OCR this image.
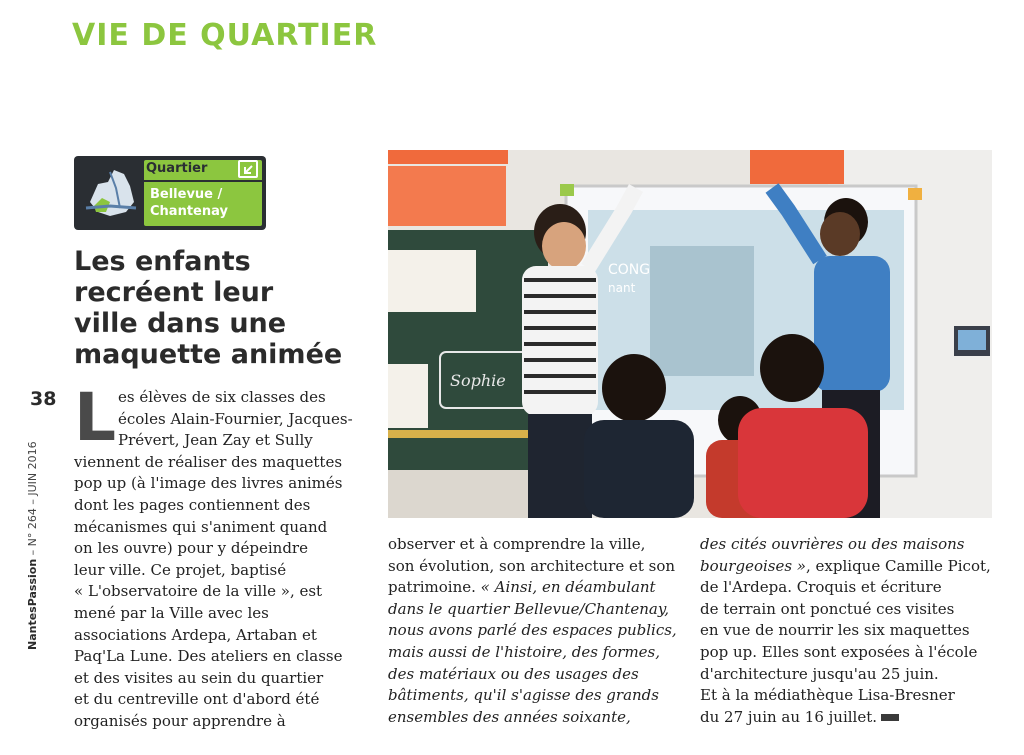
VIE DE QUARTIER
Quartier
Bellevue /
Chantenay
Les enfants
recréent leur
ville dans une
maquette animée
38
NantesPassion – N° 264 – JUIN 2016
L es élèves de six classes des
écoles Alain-Fournier, Jacques-
Prévert, Jean Zay et Sully
viennent de réaliser des maquettes
pop up (à l'image des livres animés
dont les pages contiennent des
mécanismes qui s'animent quand
on les ouvre) pour y dépeindre
leur ville. Ce projet, baptisé
« L'observatoire de la ville », est
mené par la Ville avec les
associations Ardepa, Artaban et
Paq'La Lune. Des ateliers en classe
et des visites au sein du quartier
et du centreville ont d'abord été
organisés pour apprendre à
observer et à comprendre la ville,
son évolution, son architecture et son
patrimoine. « Ainsi, en déambulant
dans le quartier Bellevue/Chantenay,
nous avons parlé des espaces publics,
mais aussi de l'histoire, des formes,
des matériaux ou des usages des
bâtiments, qu'il s'agisse des grands
ensembles des années soixante,
des cités ouvrières ou des maisons
bourgeoises », explique Camille Picot,
de l'Ardepa. Croquis et écriture
de terrain ont ponctué ces visites
en vue de nourrir les six maquettes
pop up. Elles sont exposées à l'école
d'architecture jusqu'au 25 juin.
Et à la médiathèque Lisa-Bresner
du 27 juin au 16 juillet.
Sophie
CONG
nant
